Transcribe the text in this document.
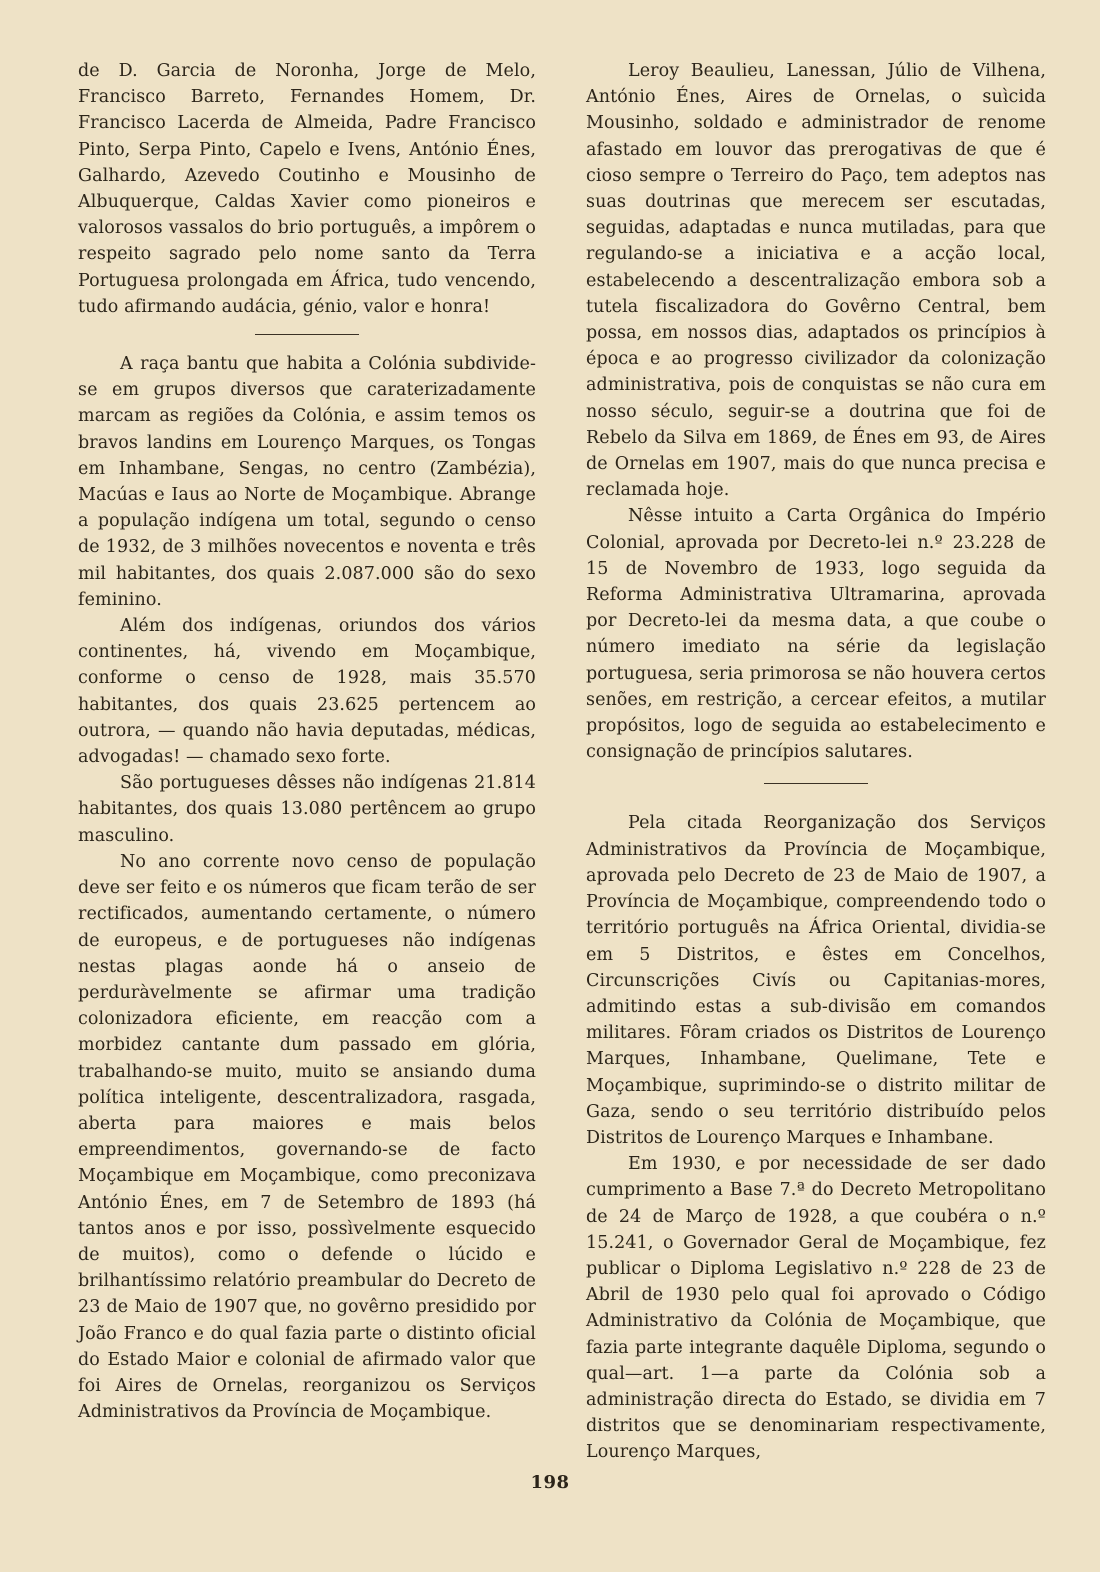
de D. Garcia de Noronha, Jorge de Melo, Francisco Barreto, Fernandes Homem, Dr. Francisco Lacerda de Almeida, Padre Francisco Pinto, Serpa Pinto, Capelo e Ivens, António Énes, Galhardo, Azevedo Coutinho e Mousinho de Albuquerque, Caldas Xavier como pioneiros e valorosos vassalos do brio português, a impôrem o respeito sagrado pelo nome santo da Terra Portuguesa prolongada em África, tudo vencendo, tudo afirmando audácia, génio, valor e honra!

A raça bantu que habita a Colónia subdivide-se em grupos diversos que caraterizadamente marcam as regiões da Colónia, e assim temos os bravos landins em Lourenço Marques, os Tongas em Inhambane, Sengas, no centro (Zambézia), Macúas e Iaus ao Norte de Moçambique. Abrange a população indígena um total, segundo o censo de 1932, de 3 milhões novecentos e noventa e três mil habitantes, dos quais 2.087.000 são do sexo feminino.

Além dos indígenas, oriundos dos vários continentes, há, vivendo em Moçambique, conforme o censo de 1928, mais 35.570 habitantes, dos quais 23.625 pertencem ao outrora, — quando não havia deputadas, médicas, advogadas! — chamado sexo forte.

São portugueses dêsses não indígenas 21.814 habitantes, dos quais 13.080 pertêncem ao grupo masculino.

No ano corrente novo censo de população deve ser feito e os números que ficam terão de ser rectificados, aumentando certamente, o número de europeus, e de portugueses não indígenas nestas plagas aonde há o anseio de perduràvelmente se afirmar uma tradição colonizadora eficiente, em reacção com a morbidez cantante dum passado em glória, trabalhando-se muito, muito se ansiando duma política inteligente, descentralizadora, rasgada, aberta para maiores e mais belos empreendimentos, governando-se de facto Moçambique em Moçambique, como preconizava António Énes, em 7 de Setembro de 1893 (há tantos anos e por isso, possìvelmente esquecido de muitos), como o defende o lúcido e brilhantíssimo relatório preambular do Decreto de 23 de Maio de 1907 que, no govêrno presidido por João Franco e do qual fazia parte o distinto oficial do Estado Maior e colonial de afirmado valor que foi Aires de Ornelas, reorganizou os Serviços Administrativos da Província de Moçambique.

Leroy Beaulieu, Lanessan, Júlio de Vilhena, António Énes, Aires de Ornelas, o suìcida Mousinho, soldado e administrador de renome afastado em louvor das prerogativas de que é cioso sempre o Terreiro do Paço, tem adeptos nas suas doutrinas que merecem ser escutadas, seguidas, adaptadas e nunca mutiladas, para que regulando-se a iniciativa e a acção local, estabelecendo a descentralização embora sob a tutela fiscalizadora do Govêrno Central, bem possa, em nossos dias, adaptados os princípios à época e ao progresso civilizador da colonização administrativa, pois de conquistas se não cura em nosso século, seguir-se a doutrina que foi de Rebelo da Silva em 1869, de Énes em 93, de Aires de Ornelas em 1907, mais do que nunca precisa e reclamada hoje.

Nêsse intuito a Carta Orgânica do Império Colonial, aprovada por Decreto-lei n.º 23.228 de 15 de Novembro de 1933, logo seguida da Reforma Administrativa Ultramarina, aprovada por Decreto-lei da mesma data, a que coube o número imediato na série da legislação portuguesa, seria primorosa se não houvera certos senões, em restrição, a cercear efeitos, a mutilar propósitos, logo de seguida ao estabelecimento e consignação de princípios salutares.

Pela citada Reorganização dos Serviços Administrativos da Província de Moçambique, aprovada pelo Decreto de 23 de Maio de 1907, a Província de Moçambique, compreendendo todo o território português na África Oriental, dividia-se em 5 Distritos, e êstes em Concelhos, Circunscrições Civís ou Capitanias-mores, admitindo estas a sub-divisão em comandos militares. Fôram criados os Distritos de Lourenço Marques, Inhambane, Quelimane, Tete e Moçambique, suprimindo-se o distrito militar de Gaza, sendo o seu território distribuído pelos Distritos de Lourenço Marques e Inhambane.

Em 1930, e por necessidade de ser dado cumprimento a Base 7.ª do Decreto Metropolitano de 24 de Março de 1928, a que coubéra o n.º 15.241, o Governador Geral de Moçambique, fez publicar o Diploma Legislativo n.º 228 de 23 de Abril de 1930 pelo qual foi aprovado o Código Administrativo da Colónia de Moçambique, que fazia parte integrante daquêle Diploma, segundo o qual—art. 1—a parte da Colónia sob a administração directa do Estado, se dividia em 7 distritos que se denominariam respectivamente, Lourenço Marques,

198
